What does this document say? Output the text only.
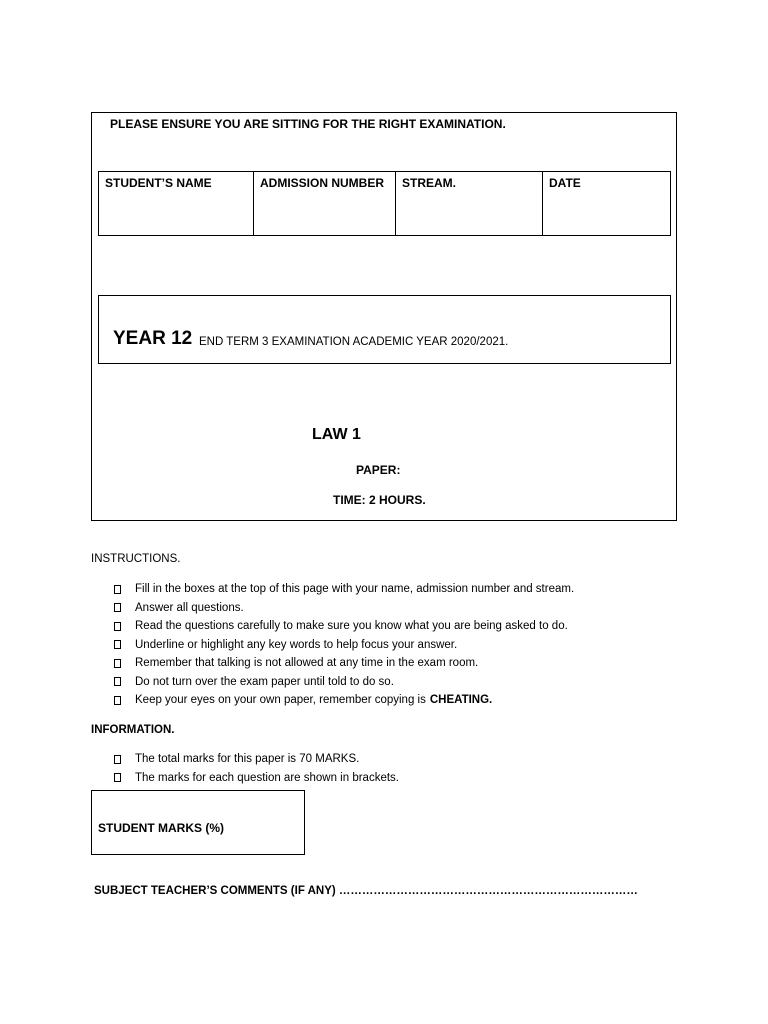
PLEASE ENSURE YOU ARE SITTING FOR THE RIGHT EXAMINATION.
STUDENT’S NAME	ADMISSION NUMBER	STREAM.	DATE
YEAR 12 END TERM 3 EXAMINATION ACADEMIC YEAR 2020/2021.
LAW 1
PAPER:
TIME: 2 HOURS.
INSTRUCTIONS.
Fill in the boxes at the top of this page with your name, admission number and stream.
Answer all questions.
Read the questions carefully to make sure you know what you are being asked to do.
Underline or highlight any key words to help focus your answer.
Remember that talking is not allowed at any time in the exam room.
Do not turn over the exam paper until told to do so.
Keep your eyes on your own paper, remember copying is CHEATING.
INFORMATION.
The total marks for this paper is 70 MARKS.
The marks for each question are shown in brackets.
STUDENT MARKS (%)
SUBJECT TEACHER’S COMMENTS (IF ANY) ……………………………………………………………………
